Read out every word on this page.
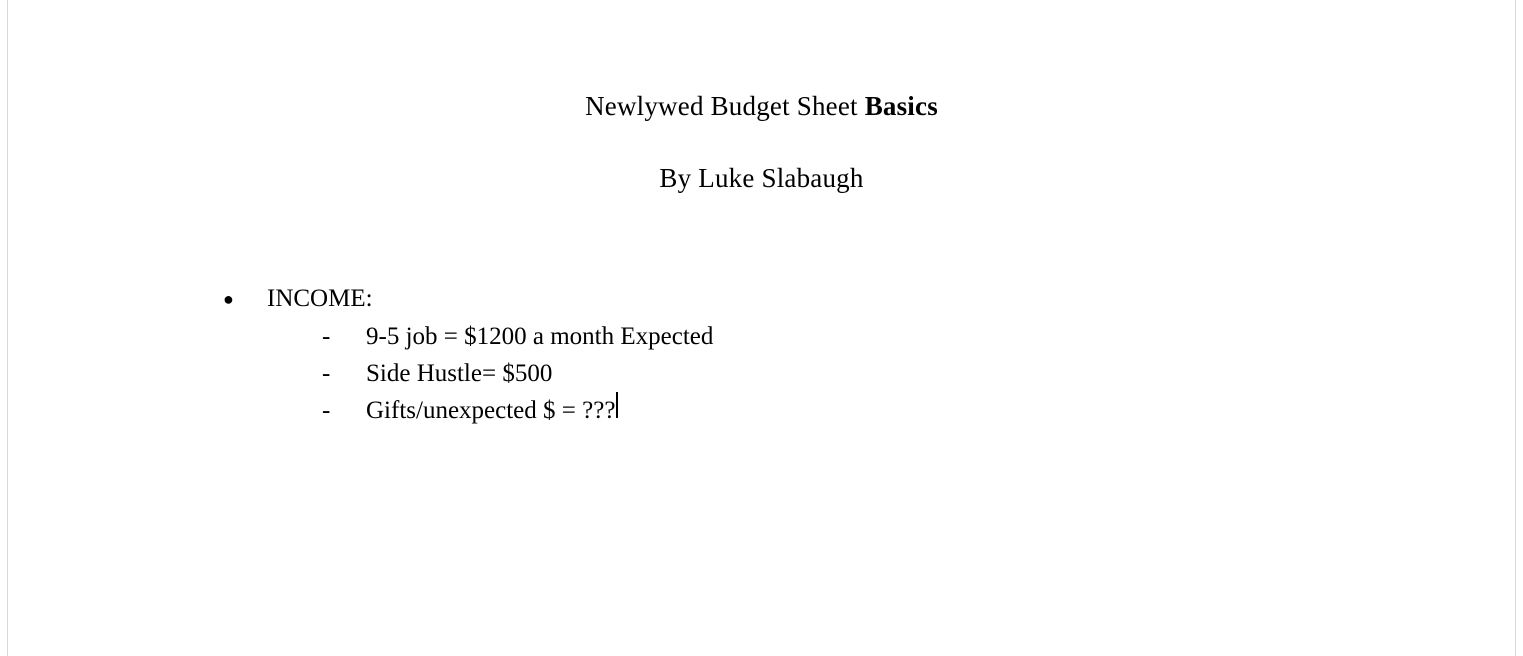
Newlywed Budget Sheet Basics
By Luke Slabaugh
●	INCOME:
-	9-5 job = $1200 a month Expected
-	Side Hustle= $500
-	Gifts/unexpected $ = ???
